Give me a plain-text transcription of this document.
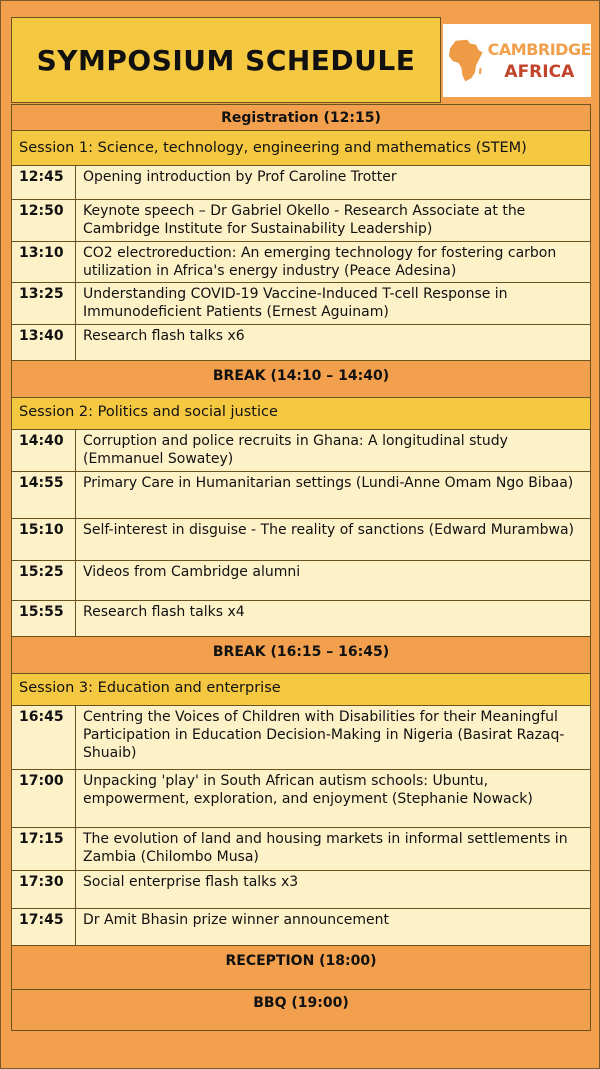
SYMPOSIUM SCHEDULE	CAMBRIDGE
AFRICA
Registration (12:15)
Session 1: Science, technology, engineering and mathematics (STEM)
12:45	Opening introduction by Prof Caroline Trotter
12:50	Keynote speech – Dr Gabriel Okello - Research Associate at the Cambridge Institute for Sustainability Leadership)
13:10	CO2 electroreduction: An emerging technology for fostering carbon utilization in Africa's energy industry (Peace Adesina)
13:25	Understanding COVID-19 Vaccine-Induced T-cell Response in Immunodeficient Patients (Ernest Aguinam)
13:40	Research flash talks x6
BREAK (14:10 – 14:40)
Session 2: Politics and social justice
14:40	Corruption and police recruits in Ghana: A longitudinal study (Emmanuel Sowatey)
14:55	Primary Care in Humanitarian settings (Lundi-Anne Omam Ngo Bibaa)
15:10	Self-interest in disguise - The reality of sanctions (Edward Murambwa)
15:25	Videos from Cambridge alumni
15:55	Research flash talks x4
BREAK (16:15 – 16:45)
Session 3: Education and enterprise
16:45	Centring the Voices of Children with Disabilities for their Meaningful Participation in Education Decision-Making in Nigeria (Basirat Razaq-Shuaib)
17:00	Unpacking 'play' in South African autism schools: Ubuntu, empowerment, exploration, and enjoyment (Stephanie Nowack)
17:15	The evolution of land and housing markets in informal settlements in Zambia (Chilombo Musa)
17:30	Social enterprise flash talks x3
17:45	Dr Amit Bhasin prize winner announcement
RECEPTION (18:00)
BBQ (19:00)
